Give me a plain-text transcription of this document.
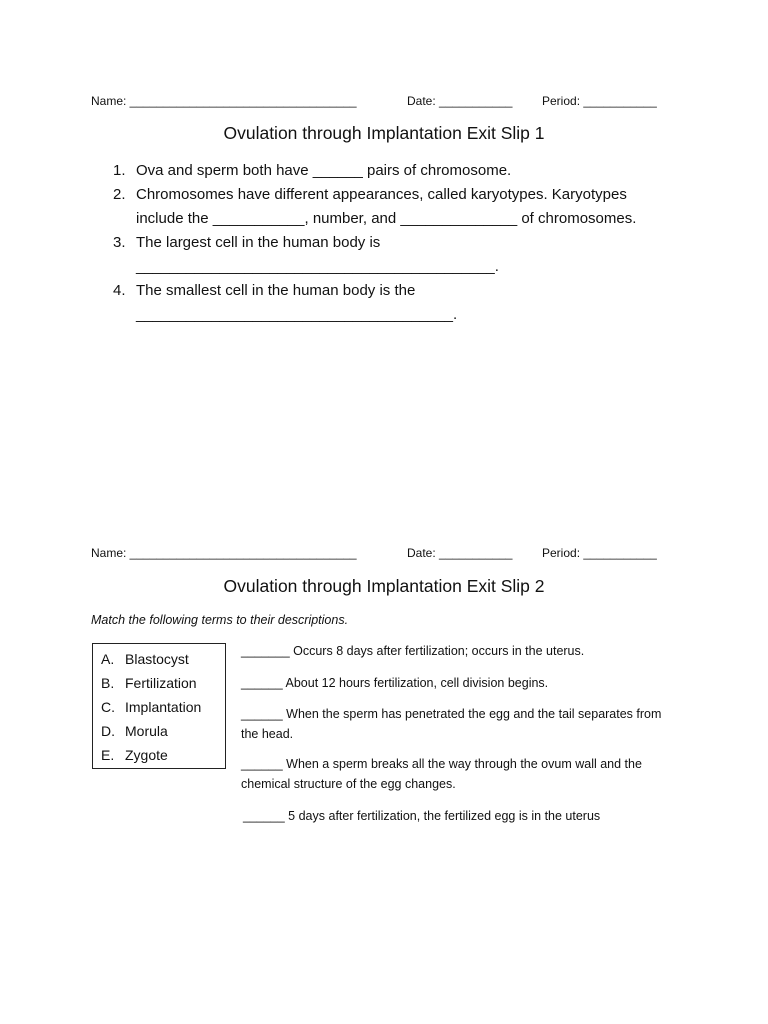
Name: __________________________________	Date: ___________ Period: ___________
Ovulation through Implantation Exit Slip 1
1. Ova and sperm both have ______ pairs of chromosome.
2. Chromosomes have different appearances, called karyotypes. Karyotypes
include the ___________, number, and ______________ of chromosomes.
3. The largest cell in the human body is
___________________________________________.
4. The smallest cell in the human body is the
______________________________________.
Name: __________________________________	Date: ___________ Period: ___________
Ovulation through Implantation Exit Slip 2
Match the following terms to their descriptions.
A. Blastocyst
B. Fertilization
C. Implantation
D. Morula
E. Zygote
_______ Occurs 8 days after fertilization; occurs in the uterus.
______ About 12 hours fertilization, cell division begins.
______ When the sperm has penetrated the egg and the tail separates from the head.
______ When a sperm breaks all the way through the ovum wall and the chemical structure of the egg changes.
______ 5 days after fertilization, the fertilized egg is in the uterus
